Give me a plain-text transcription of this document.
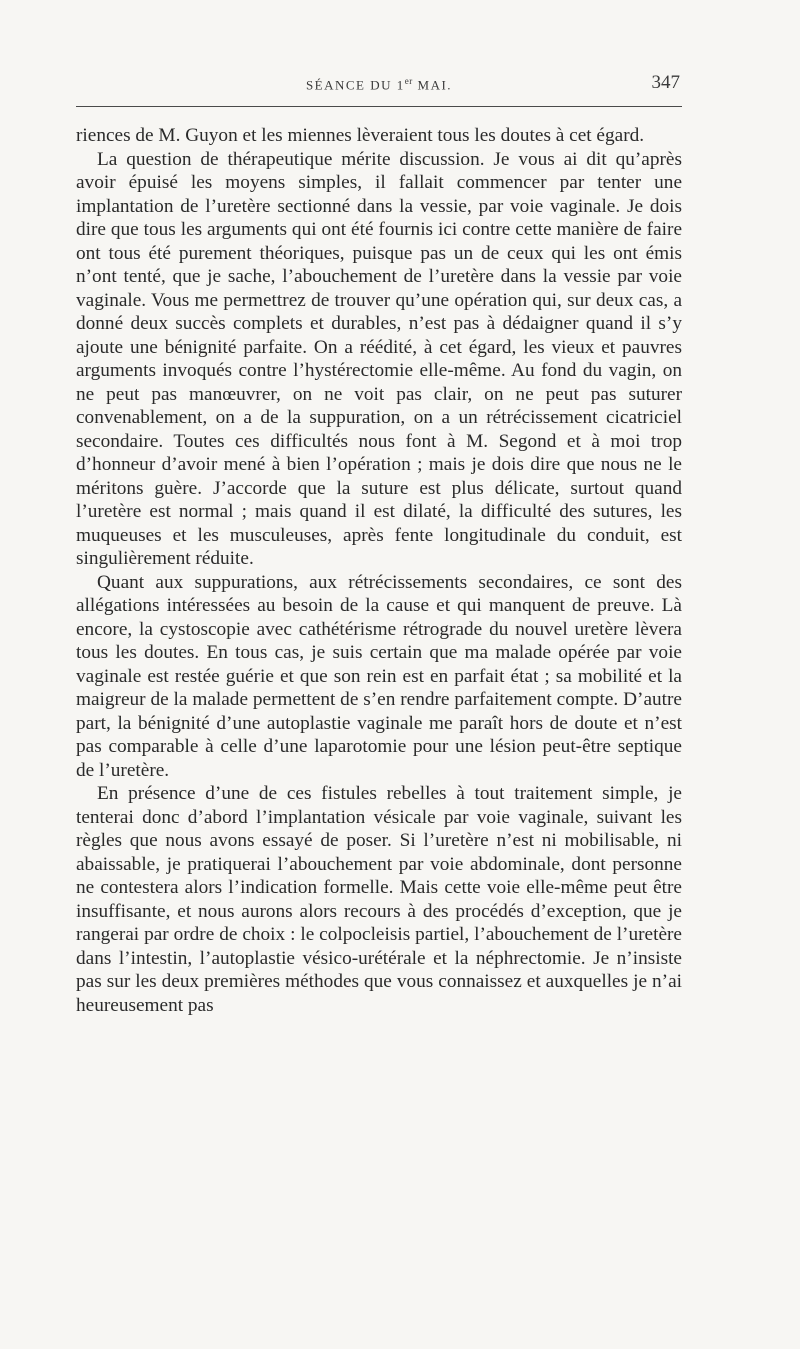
SÉANCE DU 1er MAI.	347

riences de M. Guyon et les miennes lèveraient tous les doutes à cet égard.

La question de thérapeutique mérite discussion. Je vous ai dit qu’après avoir épuisé les moyens simples, il fallait commencer par tenter une implantation de l’uretère sectionné dans la vessie, par voie vaginale. Je dois dire que tous les arguments qui ont été fournis ici contre cette manière de faire ont tous été purement théoriques, puisque pas un de ceux qui les ont émis n’ont tenté, que je sache, l’abouchement de l’uretère dans la vessie par voie vaginale. Vous me permettrez de trouver qu’une opération qui, sur deux cas, a donné deux succès complets et durables, n’est pas à dédaigner quand il s’y ajoute une bénignité parfaite. On a réédité, à cet égard, les vieux et pauvres arguments invoqués contre l’hystérectomie elle-même. Au fond du vagin, on ne peut pas manœuvrer, on ne voit pas clair, on ne peut pas suturer convenablement, on a de la suppuration, on a un rétrécissement cicatriciel secondaire. Toutes ces difficultés nous font à M. Segond et à moi trop d’honneur d’avoir mené à bien l’opération ; mais je dois dire que nous ne le méritons guère. J’accorde que la suture est plus délicate, surtout quand l’uretère est normal ; mais quand il est dilaté, la difficulté des sutures, les muqueuses et les musculeuses, après fente longitudinale du conduit, est singulièrement réduite.

Quant aux suppurations, aux rétrécissements secondaires, ce sont des allégations intéressées au besoin de la cause et qui manquent de preuve. Là encore, la cystoscopie avec cathétérisme rétrograde du nouvel uretère lèvera tous les doutes. En tous cas, je suis certain que ma malade opérée par voie vaginale est restée guérie et que son rein est en parfait état ; sa mobilité et la maigreur de la malade permettent de s’en rendre parfaitement compte. D’autre part, la bénignité d’une autoplastie vaginale me paraît hors de doute et n’est pas comparable à celle d’une laparotomie pour une lésion peut-être septique de l’uretère.

En présence d’une de ces fistules rebelles à tout traitement simple, je tenterai donc d’abord l’implantation vésicale par voie vaginale, suivant les règles que nous avons essayé de poser. Si l’uretère n’est ni mobilisable, ni abaissable, je pratiquerai l’abouchement par voie abdominale, dont personne ne contestera alors l’indication formelle. Mais cette voie elle-même peut être insuffisante, et nous aurons alors recours à des procédés d’exception, que je rangerai par ordre de choix : le colpocleisis partiel, l’abouchement de l’uretère dans l’intestin, l’autoplastie vésico-urétérale et la néphrectomie. Je n’insiste pas sur les deux premières méthodes que vous connaissez et auxquelles je n’ai heureusement pas
